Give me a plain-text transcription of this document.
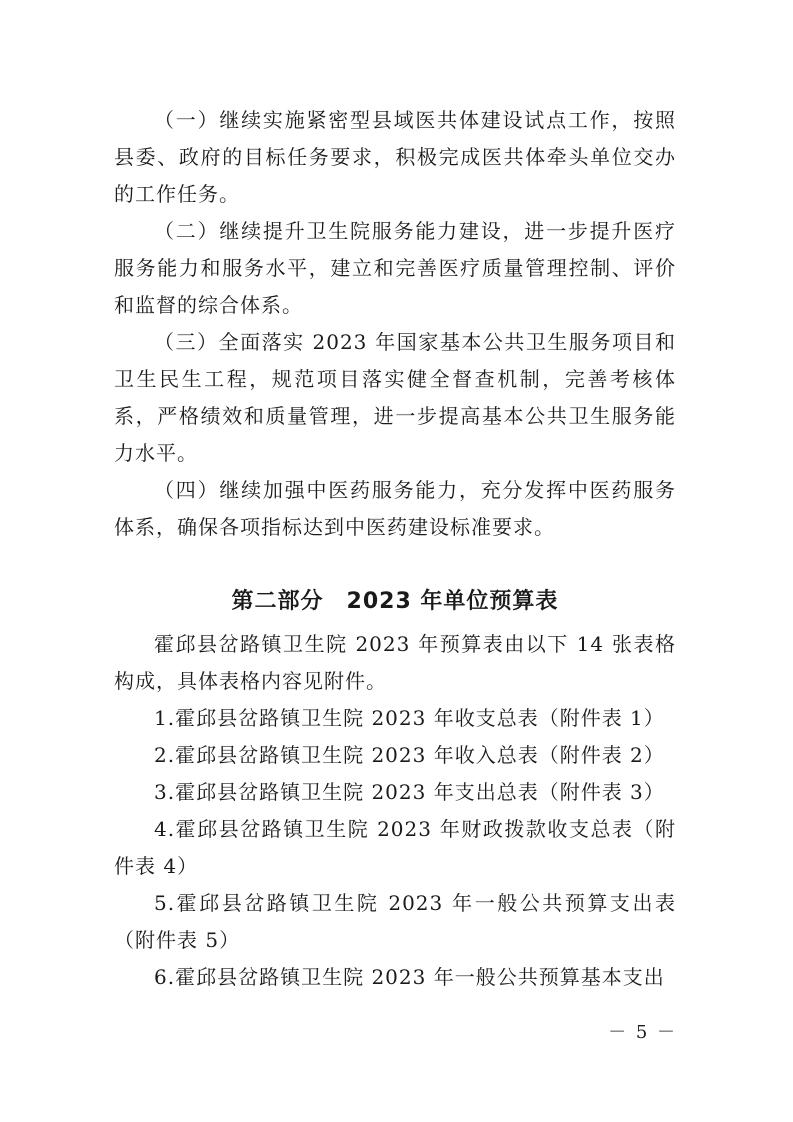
（一）继续实施紧密型县域医共体建设试点工作，按照县委、政府的目标任务要求，积极完成医共体牵头单位交办的工作任务。

（二）继续提升卫生院服务能力建设，进一步提升医疗服务能力和服务水平，建立和完善医疗质量管理控制、评价和监督的综合体系。

（三）全面落实 2023 年国家基本公共卫生服务项目和卫生民生工程，规范项目落实健全督查机制，完善考核体系，严格绩效和质量管理，进一步提高基本公共卫生服务能力水平。

（四）继续加强中医药服务能力，充分发挥中医药服务体系，确保各项指标达到中医药建设标准要求。

第二部分　2023 年单位预算表

霍邱县岔路镇卫生院 2023 年预算表由以下 14 张表格构成，具体表格内容见附件。

1.霍邱县岔路镇卫生院 2023 年收支总表（附件表 1）

2.霍邱县岔路镇卫生院 2023 年收入总表（附件表 2）

3.霍邱县岔路镇卫生院 2023 年支出总表（附件表 3）

4.霍邱县岔路镇卫生院 2023 年财政拨款收支总表（附件表 4）

5.霍邱县岔路镇卫生院 2023 年一般公共预算支出表（附件表 5）

6.霍邱县岔路镇卫生院 2023 年一般公共预算基本支出

－ 5 －
